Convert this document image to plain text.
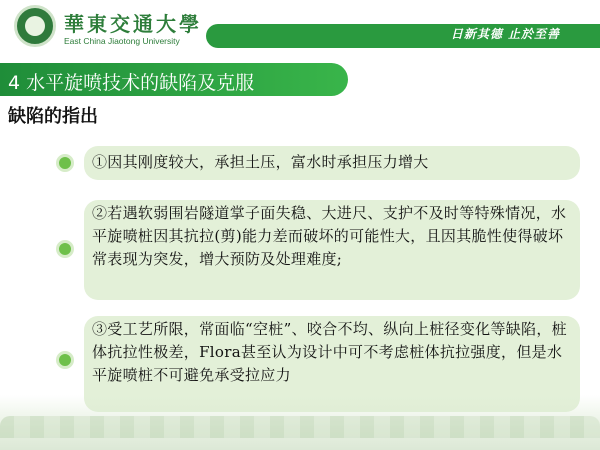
華東交通大學
East China Jiaotong University	日新其德 止於至善
4 水平旋喷技术的缺陷及克服
缺陷的指出
①因其刚度较大，承担土压，富水时承担压力增大
②若遇软弱围岩隧道掌子面失稳、大进尺、支护不及时等特殊情况，水平旋喷桩因其抗拉(剪)能力差而破坏的可能性大，且因其脆性使得破坏常表现为突发，增大预防及处理难度;
③受工艺所限，常面临“空桩”、咬合不均、纵向上桩径变化等缺陷，桩体抗拉性极差，Flora甚至认为设计中可不考虑桩体抗拉强度，但是水平旋喷桩不可避免承受拉应力
